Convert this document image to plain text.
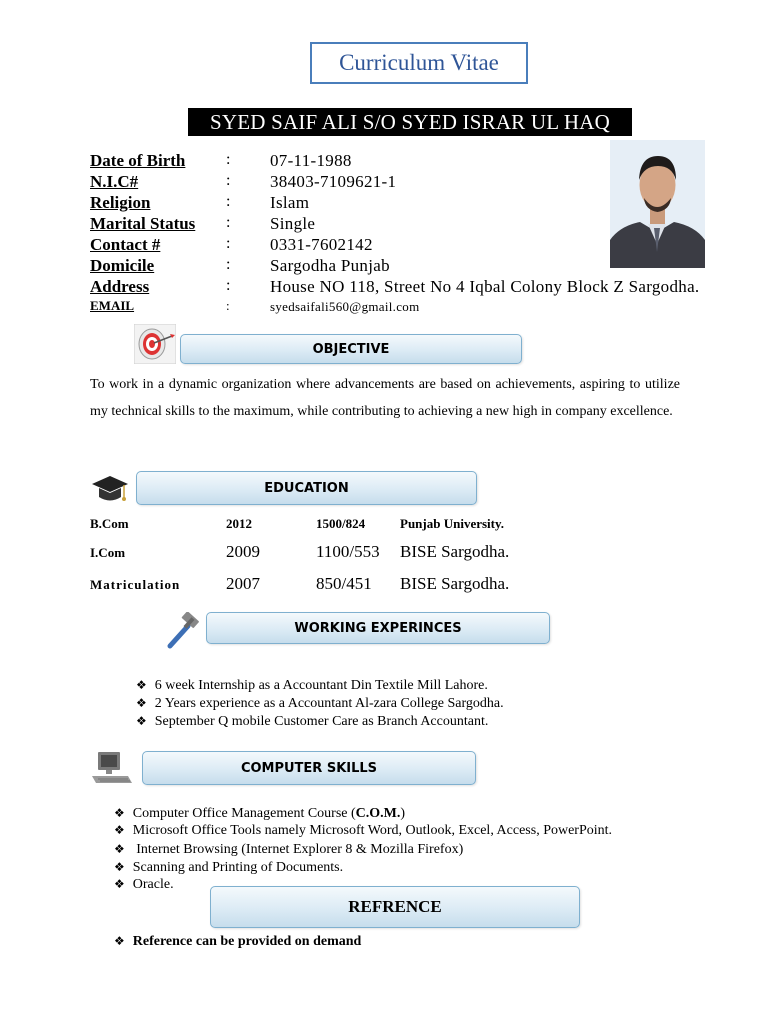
Curriculum Vitae
SYED SAIF ALI S/O SYED ISRAR UL HAQ
Date of Birth	: 07-11-1988
N.I.C#	: 38403-7109621-1
Religion	: Islam
Marital Status : Single
Contact #	: 0331-7602142
Domicile	: Sargodha Punjab
Address	: House NO 118, Street No 4 Iqbal Colony Block Z Sargodha.
EMAIL	:	syedsaifali560@gmail.com
OBJECTIVE
To work in a dynamic organization where advancements are based on achievements, aspiring to utilize my technical skills to the maximum, while contributing to achieving a new high in company excellence.
EDUCATION
B.Com	2012	1500/824	Punjab University.
I.Com	2009	1100/553 BISE Sargodha.
Matriculation	2007	850/451 BISE Sargodha.
WORKING EXPERINCES
❖ 6 week Internship as a Accountant Din Textile Mill Lahore.
❖ 2 Years experience as a Accountant Al-zara College Sargodha.
❖ September Q mobile Customer Care as Branch Accountant.
COMPUTER SKILLS
❖ Computer Office Management Course (C.O.M.)
❖ Microsoft Office Tools namely Microsoft Word, Outlook, Excel, Access, PowerPoint.
❖ Internet Browsing (Internet Explorer 8 & Mozilla Firefox)
❖ Scanning and Printing of Documents.
❖ Oracle.
REFRENCE
❖ Reference can be provided on demand
